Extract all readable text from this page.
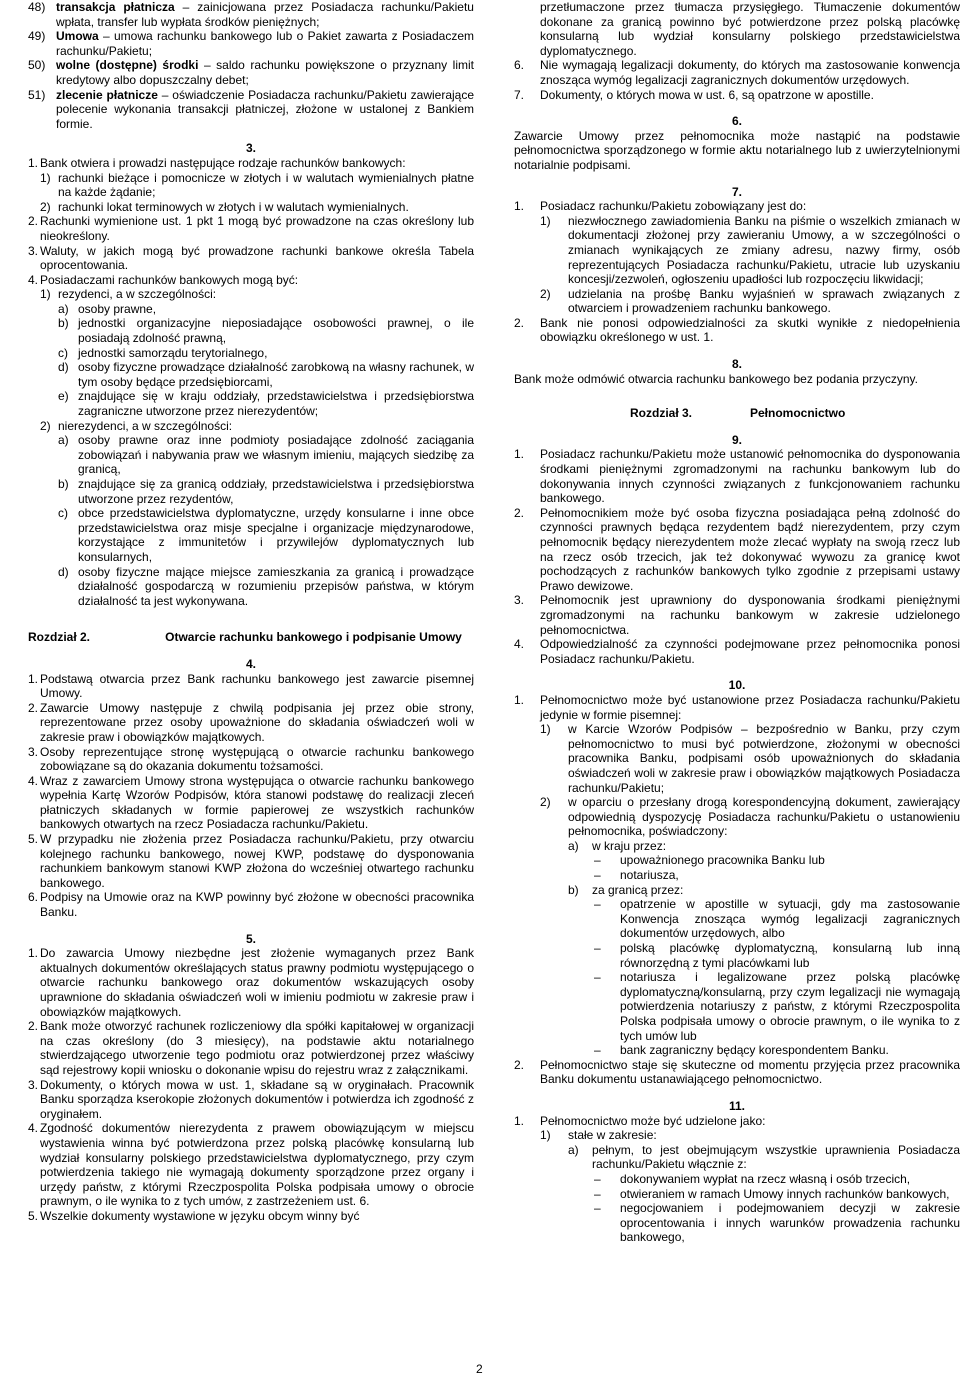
48) transakcja płatnicza – zainicjowana przez Posiadacza rachunku/Pakietu wpłata, transfer lub wypłata środków pieniężnych;

49) Umowa – umowa rachunku bankowego lub o Pakiet zawarta z Posiadaczem rachunku/Pakietu;

50) wolne (dostępne) środki – saldo rachunku powiększone o przyznany limit kredytowy albo dopuszczalny debet;

51) zlecenie płatnicze – oświadczenie Posiadacza rachunku/Pakietu zawierające polecenie wykonania transakcji płatniczej, złożone w ustalonej z Bankiem formie.

3.

1. Bank otwiera i prowadzi następujące rodzaje rachunków bankowych:
1) rachunki bieżące i pomocnicze w złotych i w walutach wymienialnych płatne na każde żądanie;
2) rachunki lokat terminowych w złotych i w walutach wymienialnych.
2. Rachunki wymienione ust. 1 pkt 1 mogą być prowadzone na czas określony lub nieokreślony.
3. Waluty, w jakich mogą być prowadzone rachunki bankowe określa Tabela oprocentowania.
4. Posiadaczami rachunków bankowych mogą być:
1) rezydenci, a w szczególności:
a) osoby prawne,
b) jednostki organizacyjne nieposiadające osobowości prawnej, o ile posiadają zdolność prawną,
c) jednostki samorządu terytorialnego,
d) osoby fizyczne prowadzące działalność zarobkową na własny rachunek, w tym osoby będące przedsiębiorcami,
e) znajdujące się w kraju oddziały, przedstawicielstwa i przedsiębiorstwa zagraniczne utworzone przez nierezydentów;
2) nierezydenci, a w szczególności:
a) osoby prawne oraz inne podmioty posiadające zdolność zaciągania zobowiązań i nabywania praw we własnym imieniu, mających siedzibę za granicą,
b) znajdujące się za granicą oddziały, przedstawicielstwa i przedsiębiorstwa utworzone przez rezydentów,
c) obce przedstawicielstwa dyplomatyczne, urzędy konsularne i inne obce przedstawicielstwa oraz misje specjalne i organizacje międzynarodowe, korzystające z immunitetów i przywilejów dyplomatycznych lub konsularnych,
d) osoby fizyczne mające miejsce zamieszkania za granicą i prowadzące działalność gospodarczą w rozumieniu przepisów państwa, w którym działalność ta jest wykonywana.
Rozdział 2.	Otwarcie rachunku bankowego i podpisanie Umowy

4.

1. Podstawą otwarcia przez Bank rachunku bankowego jest zawarcie pisemnej Umowy.
2. Zawarcie Umowy następuje z chwilą podpisania jej przez obie strony, reprezentowane przez osoby upoważnione do składania oświadczeń woli w zakresie praw i obowiązków majątkowych.
3. Osoby reprezentujące stronę występującą o otwarcie rachunku bankowego zobowiązane są do okazania dokumentu tożsamości.
4. Wraz z zawarciem Umowy strona występująca o otwarcie rachunku bankowego wypełnia Kartę Wzorów Podpisów, która stanowi podstawę do realizacji zleceń płatniczych składanych w formie papierowej ze wszystkich rachunków bankowych otwartych na rzecz Posiadacza rachunku/Pakietu.
5. W przypadku nie złożenia przez Posiadacza rachunku/Pakietu, przy otwarciu kolejnego rachunku bankowego, nowej KWP, podstawę do dysponowania rachunkiem bankowym stanowi KWP złożona do wcześniej otwartego rachunku bankowego.
6. Podpisy na Umowie oraz na KWP powinny być złożone w obecności pracownika Banku.

5.

1. Do zawarcia Umowy niezbędne jest złożenie wymaganych przez Bank aktualnych dokumentów określających status prawny podmiotu występującego o otwarcie rachunku bankowego oraz dokumentów wskazujących osoby uprawnione do składania oświadczeń woli w imieniu podmiotu w zakresie praw i obowiązków majątkowych.
2. Bank może otworzyć rachunek rozliczeniowy dla spółki kapitałowej w organizacji na czas określony (do 3 miesięcy), na podstawie aktu notarialnego stwierdzającego utworzenie tego podmiotu oraz potwierdzonej przez właściwy sąd rejestrowy kopii wniosku o dokonanie wpisu do rejestru wraz z załącznikami.
3. Dokumenty, o których mowa w ust. 1, składane są w oryginałach. Pracownik Banku sporządza kserokopie złożonych dokumentów i potwierdza ich zgodność z oryginałem.
4. Zgodność dokumentów nierezydenta z prawem obowiązującym w miejscu wystawienia winna być potwierdzona przez polską placówkę konsularną lub wydział konsularny polskiego przedstawicielstwa dyplomatycznego, przy czym potwierdzenia takiego nie wymagają dokumenty sporządzone przez organy i urzędy państw, z którymi Rzeczpospolita Polska podpisała umowy o obrocie prawnym, o ile wynika to z tych umów, z zastrzeżeniem ust. 6.
5. Wszelkie dokumenty wystawione w języku obcym winny być

przetłumaczone przez tłumacza przysięgłego. Tłumaczenie dokumentów dokonane za granicą powinno być potwierdzone przez polską placówkę konsularną lub wydział konsularny polskiego przedstawicielstwa dyplomatycznego.

6.	Nie wymagają legalizacji dokumenty, do których ma zastosowanie konwencja znosząca wymóg legalizacji zagranicznych dokumentów urzędowych.
7.	Dokumenty, o których mowa w ust. 6, są opatrzone w apostille.

6.

Zawarcie Umowy przez pełnomocnika może nastąpić na podstawie pełnomocnictwa sporządzonego w formie aktu notarialnego lub z uwierzytelnionymi notarialnie podpisami.

7.

1.	Posiadacz rachunku/Pakietu zobowiązany jest do:
1)	niezwłocznego zawiadomienia Banku na piśmie o wszelkich zmianach w dokumentacji złożonej przy zawieraniu Umowy, a w szczególności o zmianach wynikających ze zmiany adresu, nazwy firmy, osób reprezentujących Posiadacza rachunku/Pakietu, utracie lub uzyskaniu koncesji/zezwoleń, ogłoszeniu upadłości lub rozpoczęciu likwidacji;
2)	udzielania na prośbę Banku wyjaśnień w sprawach związanych z otwarciem i prowadzeniem rachunku bankowego.
2.	Bank nie ponosi odpowiedzialności za skutki wynikłe z niedopełnienia obowiązku określonego w ust. 1.

8.

Bank może odmówić otwarcia rachunku bankowego bez podania przyczyny.

Rozdział 3.	Pełnomocnictwo

9.

1.	Posiadacz rachunku/Pakietu może ustanowić pełnomocnika do dysponowania środkami pieniężnymi zgromadzonymi na rachunku bankowym lub do dokonywania innych czynności związanych z funkcjonowaniem rachunku bankowego.
2.	Pełnomocnikiem może być osoba fizyczna posiadająca pełną zdolność do czynności prawnych będąca rezydentem bądź nierezydentem, przy czym pełnomocnik będący nierezydentem może zlecać wypłaty na swoją rzecz lub na rzecz osób trzecich, jak też dokonywać wywozu za granicę kwot pochodzących z rachunków bankowych tylko zgodnie z przepisami ustawy Prawo dewizowe.
3.	Pełnomocnik jest uprawniony do dysponowania środkami pieniężnymi zgromadzonymi na rachunku bankowym w zakresie udzielonego pełnomocnictwa.
4.	Odpowiedzialność za czynności podejmowane przez pełnomocnika ponosi Posiadacz rachunku/Pakietu.

10.

1.	Pełnomocnictwo może być ustanowione przez Posiadacza rachunku/Pakietu jedynie w formie pisemnej:
1)	w Karcie Wzorów Podpisów – bezpośrednio w Banku, przy czym pełnomocnictwo to musi być potwierdzone, złożonymi w obecności pracownika Banku, podpisami osób upoważnionych do składania oświadczeń woli w zakresie praw i obowiązków majątkowych Posiadacza rachunku/Pakietu;
2)	w oparciu o przesłany drogą korespondencyjną dokument, zawierający odpowiednią dyspozycję Posiadacza rachunku/Pakietu o ustanowieniu pełnomocnika, poświadczony:
a)	w kraju przez:
–	upoważnionego pracownika Banku lub
–	notariusza,
b)	za granicą przez:
–	opatrzenie w apostille w sytuacji, gdy ma zastosowanie Konwencja znosząca wymóg legalizacji zagranicznych dokumentów urzędowych, albo
–	polską placówkę dyplomatyczną, konsularną lub inną równorzędną z tymi placówkami lub
–	notariusza i legalizowane przez polską placówkę dyplomatyczną/konsularną, przy czym legalizacji nie wymagają potwierdzenia notariuszy z państw, z którymi Rzeczpospolita Polska podpisała umowy o obrocie prawnym, o ile wynika to z tych umów lub
–	bank zagraniczny będący korespondentem Banku.
2.	Pełnomocnictwo staje się skuteczne od momentu przyjęcia przez pracownika Banku dokumentu ustanawiającego pełnomocnictwo.

11.

1.	Pełnomocnictwo może być udzielone jako:
1)	stałe w zakresie:
a)	pełnym, to jest obejmującym wszystkie uprawnienia Posiadacza rachunku/Pakietu włącznie z:
–	dokonywaniem wypłat na rzecz własną i osób trzecich,
–	otwieraniem w ramach Umowy innych rachunków bankowych,
–	negocjowaniem i podejmowaniem decyzji w zakresie oprocentowania i innych warunków prowadzenia rachunku bankowego,
2
